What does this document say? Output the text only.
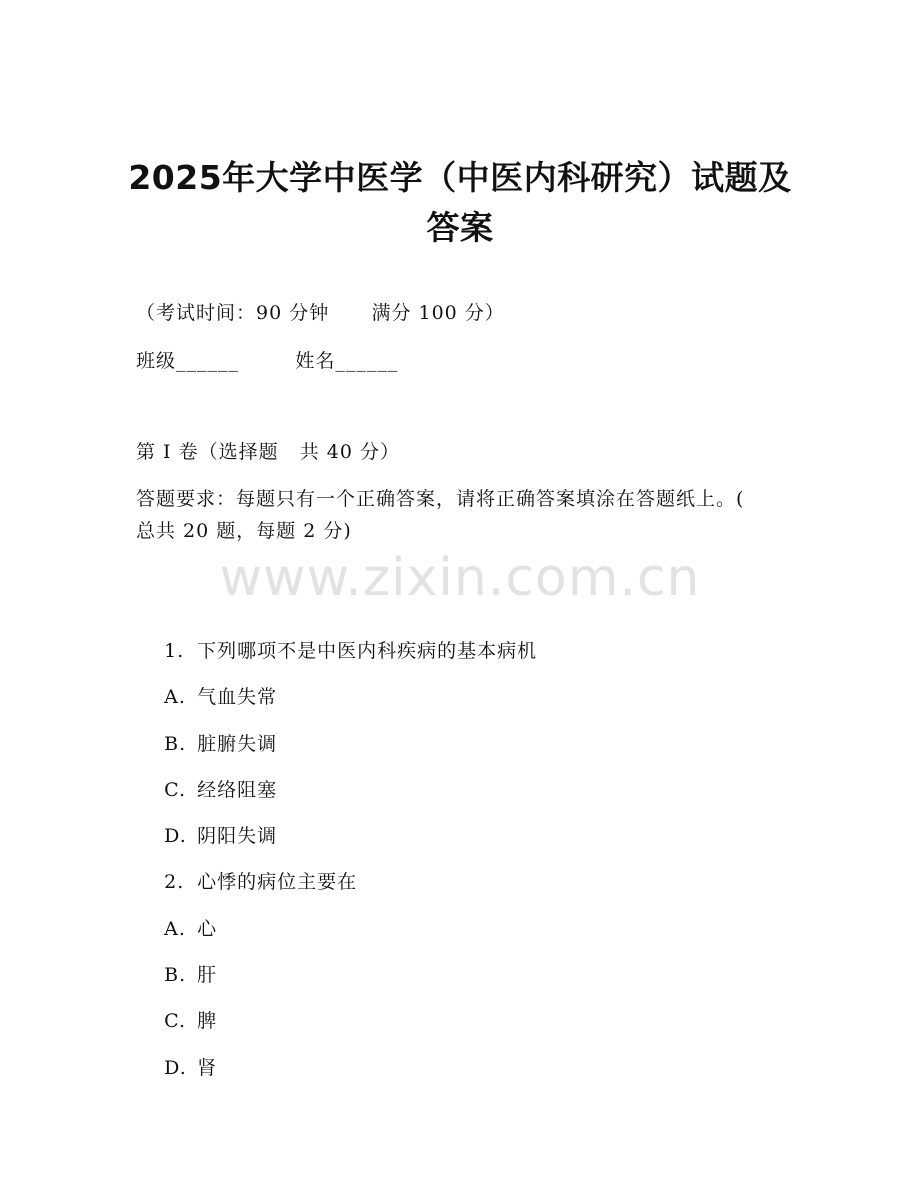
2025年大学中医学（中医内科研究）试题及
答案
（考试时间：90 分钟      满分 100 分）
班级______        姓名______
第 I 卷（选择题   共 40 分）
答题要求：每题只有一个正确答案，请将正确答案填涂在答题纸上。(
总共 20 题，每题 2 分)
www.zixin.com.cn

1. 下列哪项不是中医内科疾病的基本病机

A. 气血失常

B. 脏腑失调

C. 经络阻塞

D. 阴阳失调

2. 心悸的病位主要在

A. 心

B. 肝

C. 脾

D. 肾
